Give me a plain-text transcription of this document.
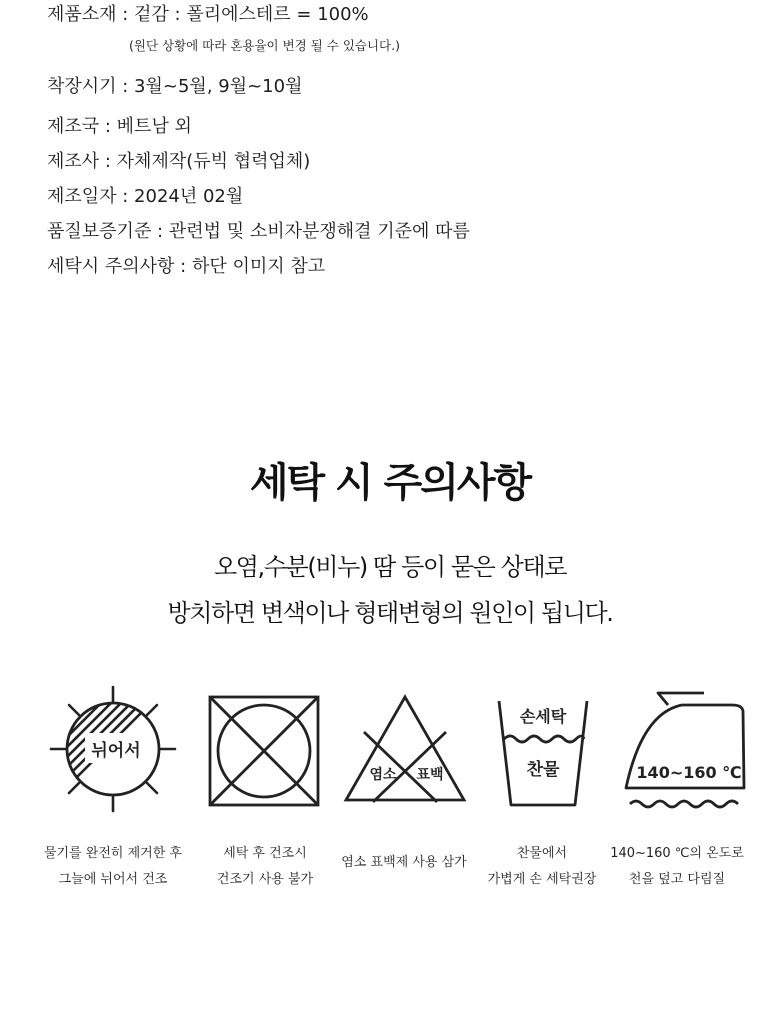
제품소재 : 겉감 : 폴리에스테르 = 100%
(원단 상황에 따라 혼용율이 변경 될 수 있습니다.)
착장시기 : 3월~5월, 9월~10월
제조국 : 베트남 외
제조사 : 자체제작(듀빅 협력업체)
제조일자 : 2024년 02월
품질보증기준 : 관련법 및 소비자분쟁해결 기준에 따름
세탁시 주의사항 : 하단 이미지 참고
세탁 시 주의사항
오염,수분(비누) 땀 등이 묻은 상태로
방치하면 변색이나 형태변형의 원인이 됩니다.
뉘어서
염소 표백
손세탁
찬물	140~160 ℃
물기를 완전히 제거한 후
그늘에 뉘어서 건조
세탁 후 건조시
건조기 사용 불가
염소 표백제 사용 삼가
찬물에서
가볍게 손 세탁권장
140~160 ℃의 온도로
천을 덮고 다림질
